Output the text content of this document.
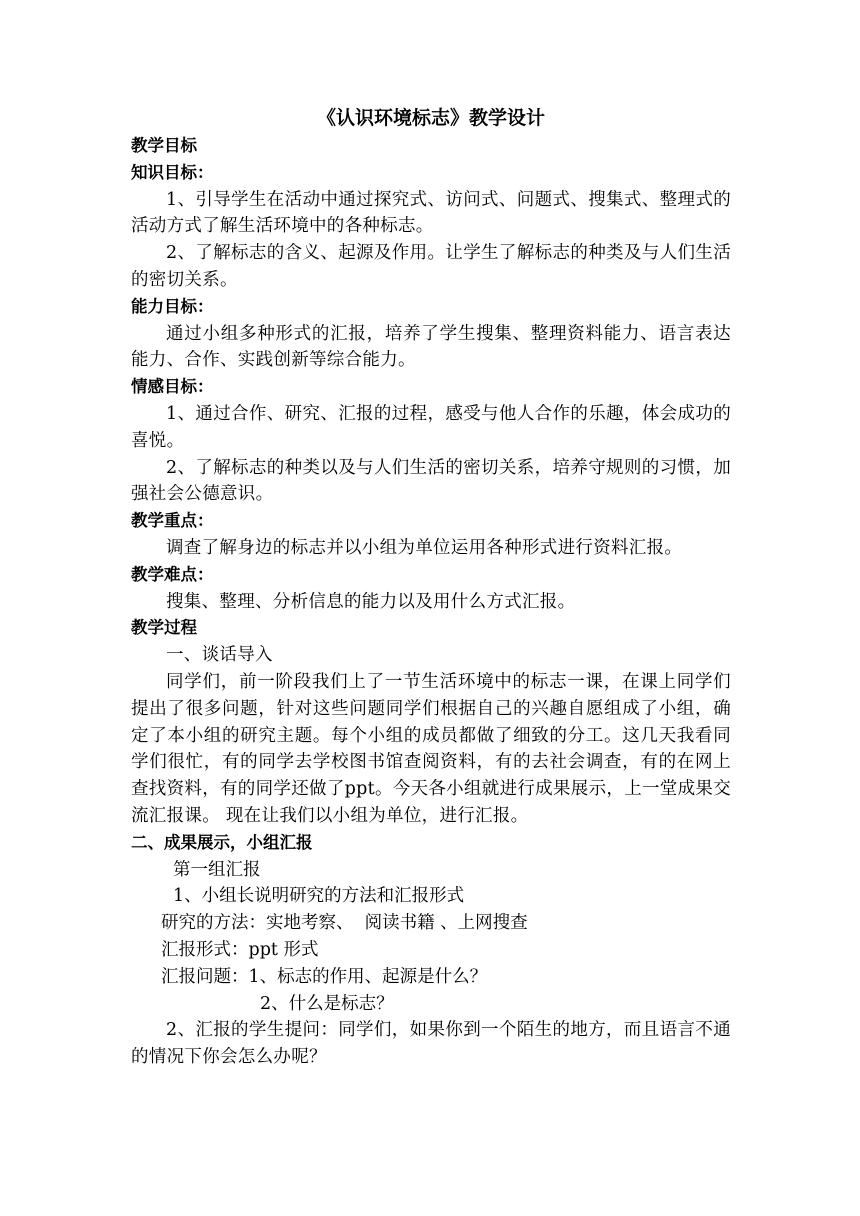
《认识环境标志》教学设计
教学目标
知识目标：

1、引导学生在活动中通过探究式、访问式、问题式、搜集式、整理式的活动方式了解生活环境中的各种标志。

2、了解标志的含义、起源及作用。让学生了解标志的种类及与人们生活的密切关系。

能力目标：

通过小组多种形式的汇报，培养了学生搜集、整理资料能力、语言表达能力、合作、实践创新等综合能力。

情感目标：

1、通过合作、研究、汇报的过程，感受与他人合作的乐趣，体会成功的喜悦。

2、了解标志的种类以及与人们生活的密切关系，培养守规则的习惯，加强社会公德意识。

教学重点：

调查了解身边的标志并以小组为单位运用各种形式进行资料汇报。

教学难点：

搜集、整理、分析信息的能力以及用什么方式汇报。

教学过程

一、谈话导入

同学们，前一阶段我们上了一节生活环境中的标志一课，在课上同学们提出了很多问题，针对这些问题同学们根据自己的兴趣自愿组成了小组，确定了本小组的研究主题。每个小组的成员都做了细致的分工。这几天我看同学们很忙，有的同学去学校图书馆查阅资料，有的去社会调查，有的在网上查找资料，有的同学还做了ppt。今天各小组就进行成果展示，上一堂成果交流汇报课。 现在让我们以小组为单位，进行汇报。

二、成果展示，小组汇报

第一组汇报

1、小组长说明研究的方法和汇报形式

研究的方法：实地考察、  阅读书籍 、上网搜查

汇报形式：ppt 形式

汇报问题：1、标志的作用、起源是什么？

2、什么是标志？

2、汇报的学生提问：同学们，如果你到一个陌生的地方，而且语言不通的情况下你会怎么办呢？
